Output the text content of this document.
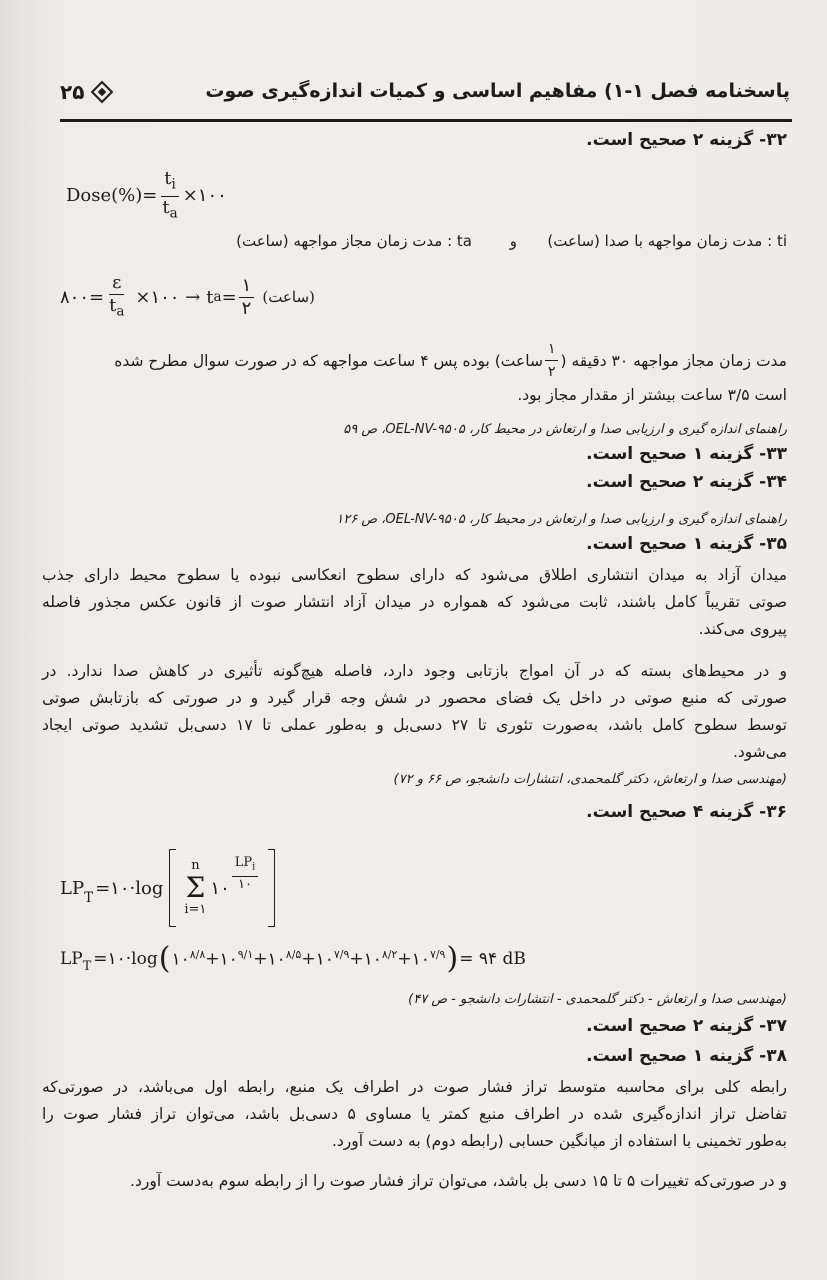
پاسخنامه فصل ۱-۱) مفاهیم اساسی و کمیات اندازه‌گیری صوت
۲۵
۳۲- گزینه ۲ صحیح است.
Dose(%)= $\frac{t_i}{t_a}$ ×۱۰۰
ti : مدت زمان مواجهه با صدا (ساعت)
و
ta : مدت زمان مجاز مواجهه (ساعت)
۸۰۰= $\frac{\varepsilon}{t_a}$ ×۱۰۰ → t $a = \frac{۱}{۲}$ (ساعت)
مدت زمان مجاز مواجهه ۳۰ دقیقه (
$\frac{۱}{۲}$
ساعت) بوده پس ۴ ساعت مواجهه که در صورت سوال مطرح شده
است ۳/۵ ساعت بیشتر از مقدار مجاز بود.
راهنمای اندازه گیری و ارزیابی صدا و ارتعاش در محیط کار، OEL-NV-۹۵۰۵، ص ۵۹
۳۳- گزینه ۱ صحیح است.
۳۴- گزینه ۲ صحیح است.
راهنمای اندازه گیری و ارزیابی صدا و ارتعاش در محیط کار، OEL-NV-۹۵۰۵، ص ۱۲۶
۳۵- گزینه ۱ صحیح است.
میدان آزاد به میدان انتشاری اطلاق می‌شود که دارای سطوح انعکاسی نبوده یا سطوح محیط دارای جذب
صوتی تقریباً کامل باشند، ثابت می‌شود که همواره در میدان آزاد انتشار صوت از قانون عکس مجذور فاصله
پیروی می‌کند.
و در محیط‌های بسته که در آن امواج بازتابی وجود دارد، فاصله هیچ‌گونه تأثیری در کاهش صدا ندارد. در
صورتی که منبع صوتی در داخل یک فضای محصور در شش وجه قرار گیرد و در صورتی که بازتابش صوتی
توسط سطوح کامل باشد، به‌صورت تئوری تا ۲۷ دسی‌بل و به‌طور عملی تا ۱۷ دسی‌بل تشدید صوتی ایجاد
می‌شود.
(مهندسی صدا و ارتعاش، دکتر گلمحمدی، انتشارات دانشجو، ص ۶۶ و ۷۲)
۳۶- گزینه ۴ صحیح است.
$LP_T$ =۱۰·log
n
Σ
i=۱
۱۰ $\frac{LP_i}{۱۰}$
$LP_T$ =۱۰·log ( $۱۰^{۸/۸}$ + $۱۰^{۹/۱}$ + $۱۰^{۸/۵}$ + $۱۰^{۷/۹}$ + $۱۰^{۸/۲}$ + $۱۰^{۷/۹}$ ) = ۹۴ dB
(مهندسی صدا و ارتعاش - دکتر گلمحمدی - انتشارات دانشجو - ص ۴۷)
۳۷- گزینه ۲ صحیح است.
۳۸- گزینه ۱ صحیح است.
رابطه کلی برای محاسبه متوسط تراز فشار صوت در اطراف یک منبع، رابطه اول می‌باشد، در صورتی‌که
تفاضل تراز اندازه‌گیری شده در اطراف منبع کمتر یا مساوی ۵ دسی‌بل باشد، می‌توان تراز فشار صوت را
به‌طور تخمینی با استفاده از میانگین حسابی (رابطه دوم) به دست آورد.
و در صورتی‌که تغییرات ۵ تا ۱۵ دسی بل باشد، می‌توان تراز فشار صوت را از رابطه سوم به‌دست آورد.
